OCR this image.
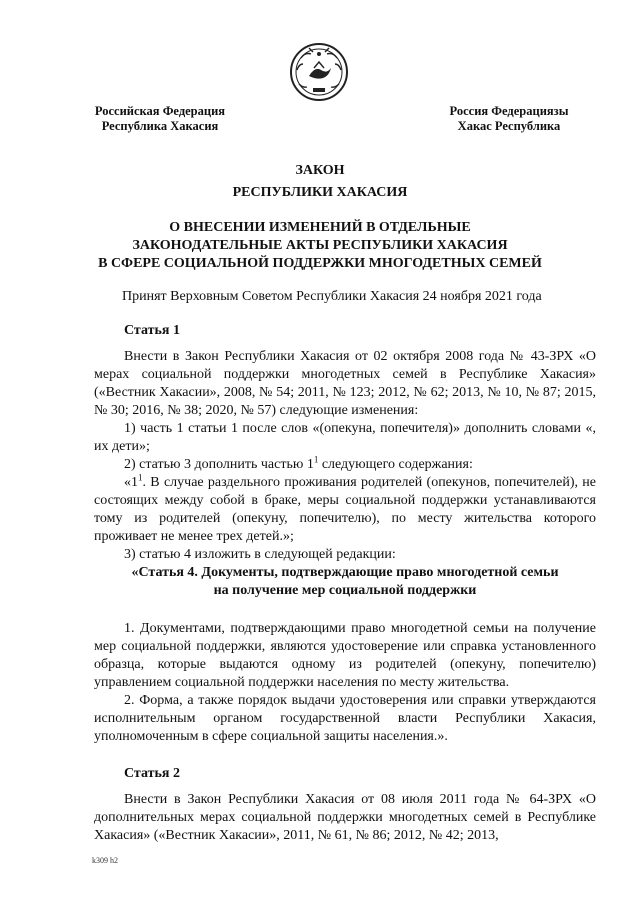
Российская Федерация
Республика Хакасия
Россия Федерациязы
Хакас Республика
ЗАКОН
РЕСПУБЛИКИ ХАКАСИЯ
О ВНЕСЕНИИ ИЗМЕНЕНИЙ В ОТДЕЛЬНЫЕ
ЗАКОНОДАТЕЛЬНЫЕ АКТЫ РЕСПУБЛИКИ ХАКАСИЯ
В СФЕРЕ СОЦИАЛЬНОЙ ПОДДЕРЖКИ МНОГОДЕТНЫХ СЕМЕЙ
Принят Верховным Советом Республики Хакасия 24 ноября 2021 года
Статья 1

Внести в Закон Республики Хакасия от 02 октября 2008 года № 43-ЗРХ «О мерах социальной поддержки многодетных семей в Республике Хакасия» («Вестник Хакасии», 2008, № 54; 2011, № 123; 2012, № 62; 2013, № 10, № 87; 2015, № 30; 2016, № 38; 2020, № 57) следующие изменения:

1) часть 1 статьи 1 после слов «(опекуна, попечителя)» дополнить словами «, их дети»;

2) статью 3 дополнить частью $1^1$ следующего содержания:

«$1^1$. В случае раздельного проживания родителей (опекунов, попечителей), не состоящих между собой в браке, меры социальной поддержки устанавливаются тому из родителей (опекуну, попечителю), по месту жительства которого проживает не менее трех детей.»;

3) статью 4 изложить в следующей редакции:

«Статья 4. Документы, подтверждающие право многодетной семьи
на получение мер социальной поддержки

1. Документами, подтверждающими право многодетной семьи на получение мер социальной поддержки, являются удостоверение или справка установленного образца, которые выдаются одному из родителей (опекуну, попечителю) управлением социальной поддержки населения по месту жительства.

2. Форма, а также порядок выдачи удостоверения или справки утверждаются исполнительным органом государственной власти Республики Хакасия, уполномоченным в сфере социальной защиты населения.».

Статья 2

Внести в Закон Республики Хакасия от 08 июля 2011 года № 64-ЗРХ «О дополнительных мерах социальной поддержки многодетных семей в Республике Хакасия» («Вестник Хакасии», 2011, № 61, № 86; 2012, № 42; 2013,

k309 h2
